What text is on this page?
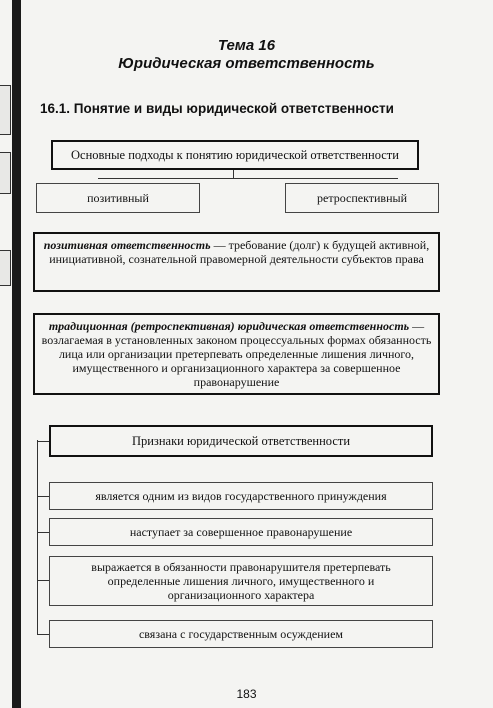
Тема 16
Юридическая ответственность
16.1. Понятие и виды юридической ответственности
Основные подходы к понятию юридической ответственности
позитивный	ретроспективный
позитивная ответственность — требование (долг) к будущей активной, инициативной, сознательной правомерной деятельности субъектов права
традиционная (ретроспективная) юридическая ответственность — возлагаемая в установленных законом процессуальных формах обязанность лица или организации претерпевать определенные лишения личного, имущественного и организационного характера за совершенное правонарушение
Признаки юридической ответственности
является одним из видов государственного принуждения
наступает за совершенное правонарушение
выражается в обязанности правонарушителя претерпевать определенные лишения личного, имущественного и организационного характера
связана с государственным осуждением
183
